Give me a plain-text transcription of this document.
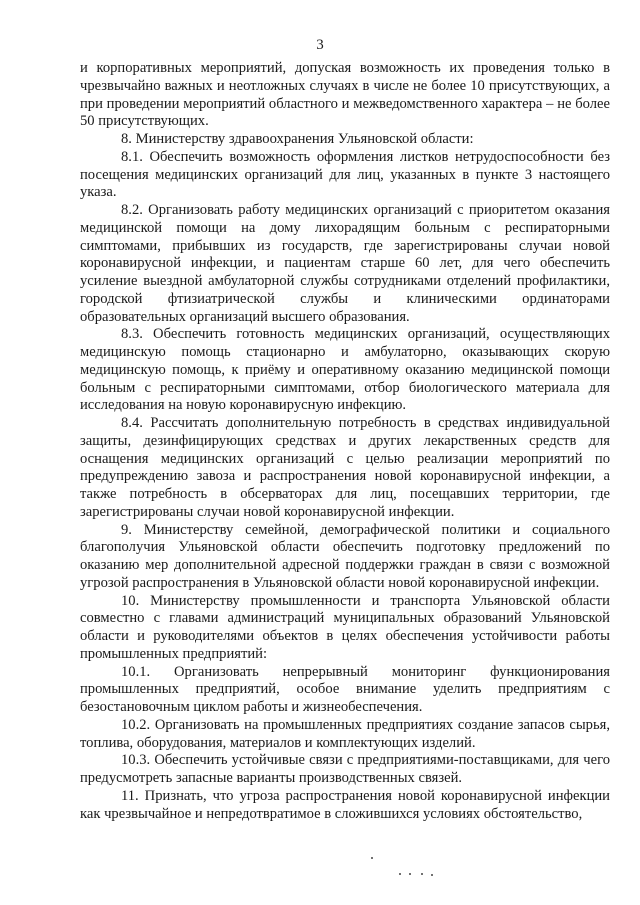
3

и корпоративных мероприятий, допуская возможность их проведения только в чрезвычайно важных и неотложных случаях в числе не более 10 присутствующих, а при проведении мероприятий областного и межведомственного характера – не более 50 присутствующих.

8. Министерству здравоохранения Ульяновской области:

8.1. Обеспечить возможность оформления листков нетрудоспособности без посещения медицинских организаций для лиц, указанных в пункте 3 настоящего указа.

8.2. Организовать работу медицинских организаций с приоритетом оказания медицинской помощи на дому лихорадящим больным с респираторными симптомами, прибывших из государств, где зарегистрированы случаи новой коронавирусной инфекции, и пациентам старше 60 лет, для чего обеспечить усиление выездной амбулаторной службы сотрудниками отделений профилактики, городской фтизиатрической службы и клиническими ординаторами образовательных организаций высшего образования.

8.3. Обеспечить готовность медицинских организаций, осуществляющих медицинскую помощь стационарно и амбулаторно, оказывающих скорую медицинскую помощь, к приёму и оперативному оказанию медицинской помощи больным с респираторными симптомами, отбор биологического материала для исследования на новую коронавирусную инфекцию.

8.4. Рассчитать дополнительную потребность в средствах индивидуальной защиты, дезинфицирующих средствах и других лекарственных средств для оснащения медицинских организаций с целью реализации мероприятий по предупреждению завоза и распространения новой коронавирусной инфекции, а также потребность в обсерваторах для лиц, посещавших территории, где зарегистрированы случаи новой коронавирусной инфекции.

9. Министерству семейной, демографической политики и социального благополучия Ульяновской области обеспечить подготовку предложений по оказанию мер дополнительной адресной поддержки граждан в связи с возможной угрозой распространения в Ульяновской области новой коронавирусной инфекции.

10. Министерству промышленности и транспорта Ульяновской области совместно с главами администраций муниципальных образований Ульяновской области и руководителями объектов в целях обеспечения устойчивости работы промышленных предприятий:

10.1. Организовать непрерывный мониторинг функционирования промышленных предприятий, особое внимание уделить предприятиям с безостановочным циклом работы и жизнеобеспечения.

10.2. Организовать на промышленных предприятиях создание запасов сырья, топлива, оборудования, материалов и комплектующих изделий.

10.3. Обеспечить устойчивые связи с предприятиями-поставщиками, для чего предусмотреть запасные варианты производственных связей.

11. Признать, что угроза распространения новой коронавирусной инфекции как чрезвычайное и непредотвратимое в сложившихся условиях обстоятельство,
